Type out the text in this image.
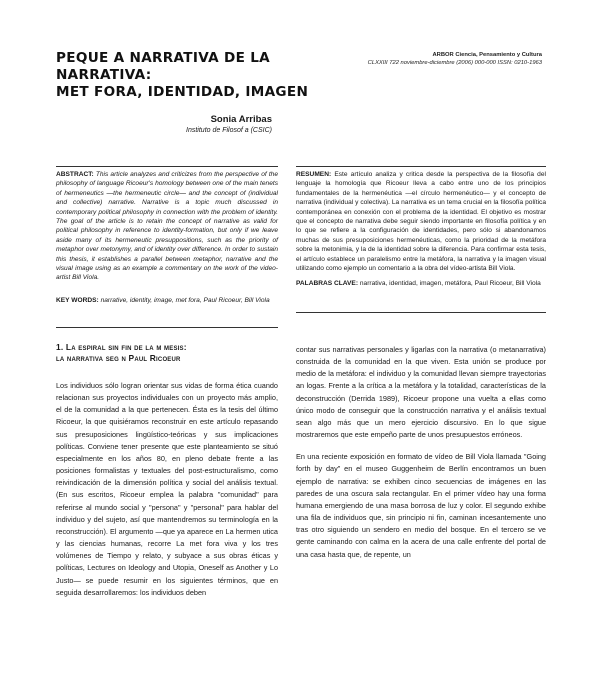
PEQUE A NARRATIVA DE LA
NARRATIVA:
MET FORA, IDENTIDAD, IMAGEN
ARBOR Ciencia, Pensamiento y Cultura
CLXXIII 722 noviembre-diciembre (2006) 000-000 ISSN: 0210-1963
Sonia Arribas
Instituto de Filosof a (CSIC)
ABSTRACT: This article analyzes and criticizes from the perspective of the philosophy of language Ricoeur's homology between one of the main tenets of hermeneutics —the hermeneutic circle— and the concept of (individual and collective) narrative. Narrative is a topic much discussed in contemporary political philosophy in connection with the problem of identity. The goal of the article is to retain the concept of narrative as valid for political philosophy in reference to identity-formation, but only if we leave aside many of its hermeneutic presuppositions, such as the priority of metaphor over metonymy, and of identity over difference. In order to sustain this thesis, it establishes a parallel between metaphor, narrative and the visual image using as an example a commentary on the work of the video-artist Bill Viola.
RESUMEN: Este artículo analiza y critica desde la perspectiva de la filosofía del lenguaje la homología que Ricoeur lleva a cabo entre uno de los principios fundamentales de la hermenéutica —el círculo hermenéutico— y el concepto de narrativa (individual y colectiva). La narrativa es un tema crucial en la filosofía política contemporánea en conexión con el problema de la identidad. El objetivo es mostrar que el concepto de narrativa debe seguir siendo importante en filosofía política y en lo que se refiere a la configuración de identidades, pero sólo si abandonamos muchas de sus presuposiciones hermenéuticas, como la prioridad de la metáfora sobre la metonimia, y la de la identidad sobre la diferencia. Para confirmar esta tesis, el artículo establece un paralelismo entre la metáfora, la narrativa y la imagen visual utilizando como ejemplo un comentario a la obra del vídeo-artista Bill Viola.
KEY WORDS: narrative, identity, image, met fora, Paul Ricoeur, Bill Viola
PALABRAS CLAVE: narrativa, identidad, imagen, metáfora, Paul Ricoeur, Bill Viola
1. La espiral sin fin de la m mesis:
la narrativa seg n Paul Ricoeur
Los individuos sólo logran orientar sus vidas de forma ética cuando relacionan sus proyectos individuales con un proyecto más amplio, el de la comunidad a la que pertenecen. Ésta es la tesis del último Ricoeur, la que quisiéramos reconstruir en este artículo repasando sus presuposiciones lingüístico-teóricas y sus implicaciones políticas. Conviene tener presente que este planteamiento se situó especialmente en los años 80, en pleno debate frente a las posiciones formalistas y textuales del post-estructuralismo, como reivindicación de la dimensión política y social del análisis textual. (En sus escritos, Ricoeur emplea la palabra "comunidad" para referirse al mundo social y "persona" y "personal" para hablar del individuo y del sujeto, así que mantendremos su terminología en la reconstrucción). El argumento —que ya aparece en La hermen utica y las ciencias humanas, recorre La met fora viva y los tres volúmenes de Tiempo y relato, y subyace a sus obras éticas y políticas, Lectures on Ideology and Utopia, Oneself as Another y Lo Justo— se puede resumir en los siguientes términos, que en seguida desarrollaremos: los individuos deben

contar sus narrativas personales y ligarlas con la narrativa (o metanarrativa) construida de la comunidad en la que viven. Esta unión se produce por medio de la metáfora: el individuo y la comunidad llevan siempre trayectorias an logas. Frente a la crítica a la metáfora y la totalidad, características de la deconstrucción (Derrida 1989), Ricoeur propone una vuelta a ellas como único modo de conseguir que la construcción narrativa y el análisis textual sean algo más que un mero ejercicio discursivo. En lo que sigue mostraremos que este empeño parte de unos presupuestos erróneos.

En una reciente exposición en formato de vídeo de Bill Viola llamada "Going forth by day" en el museo Guggenheim de Berlín encontramos un buen ejemplo de narrativa: se exhiben cinco secuencias de imágenes en las paredes de una oscura sala rectangular. En el primer vídeo hay una forma humana emergiendo de una masa borrosa de luz y color. El segundo exhibe una fila de individuos que, sin principio ni fin, caminan incesantemente uno tras otro siguiendo un sendero en medio del bosque. En el tercero se ve gente caminando con calma en la acera de una calle enfrente del portal de una casa hasta que, de repente, un
